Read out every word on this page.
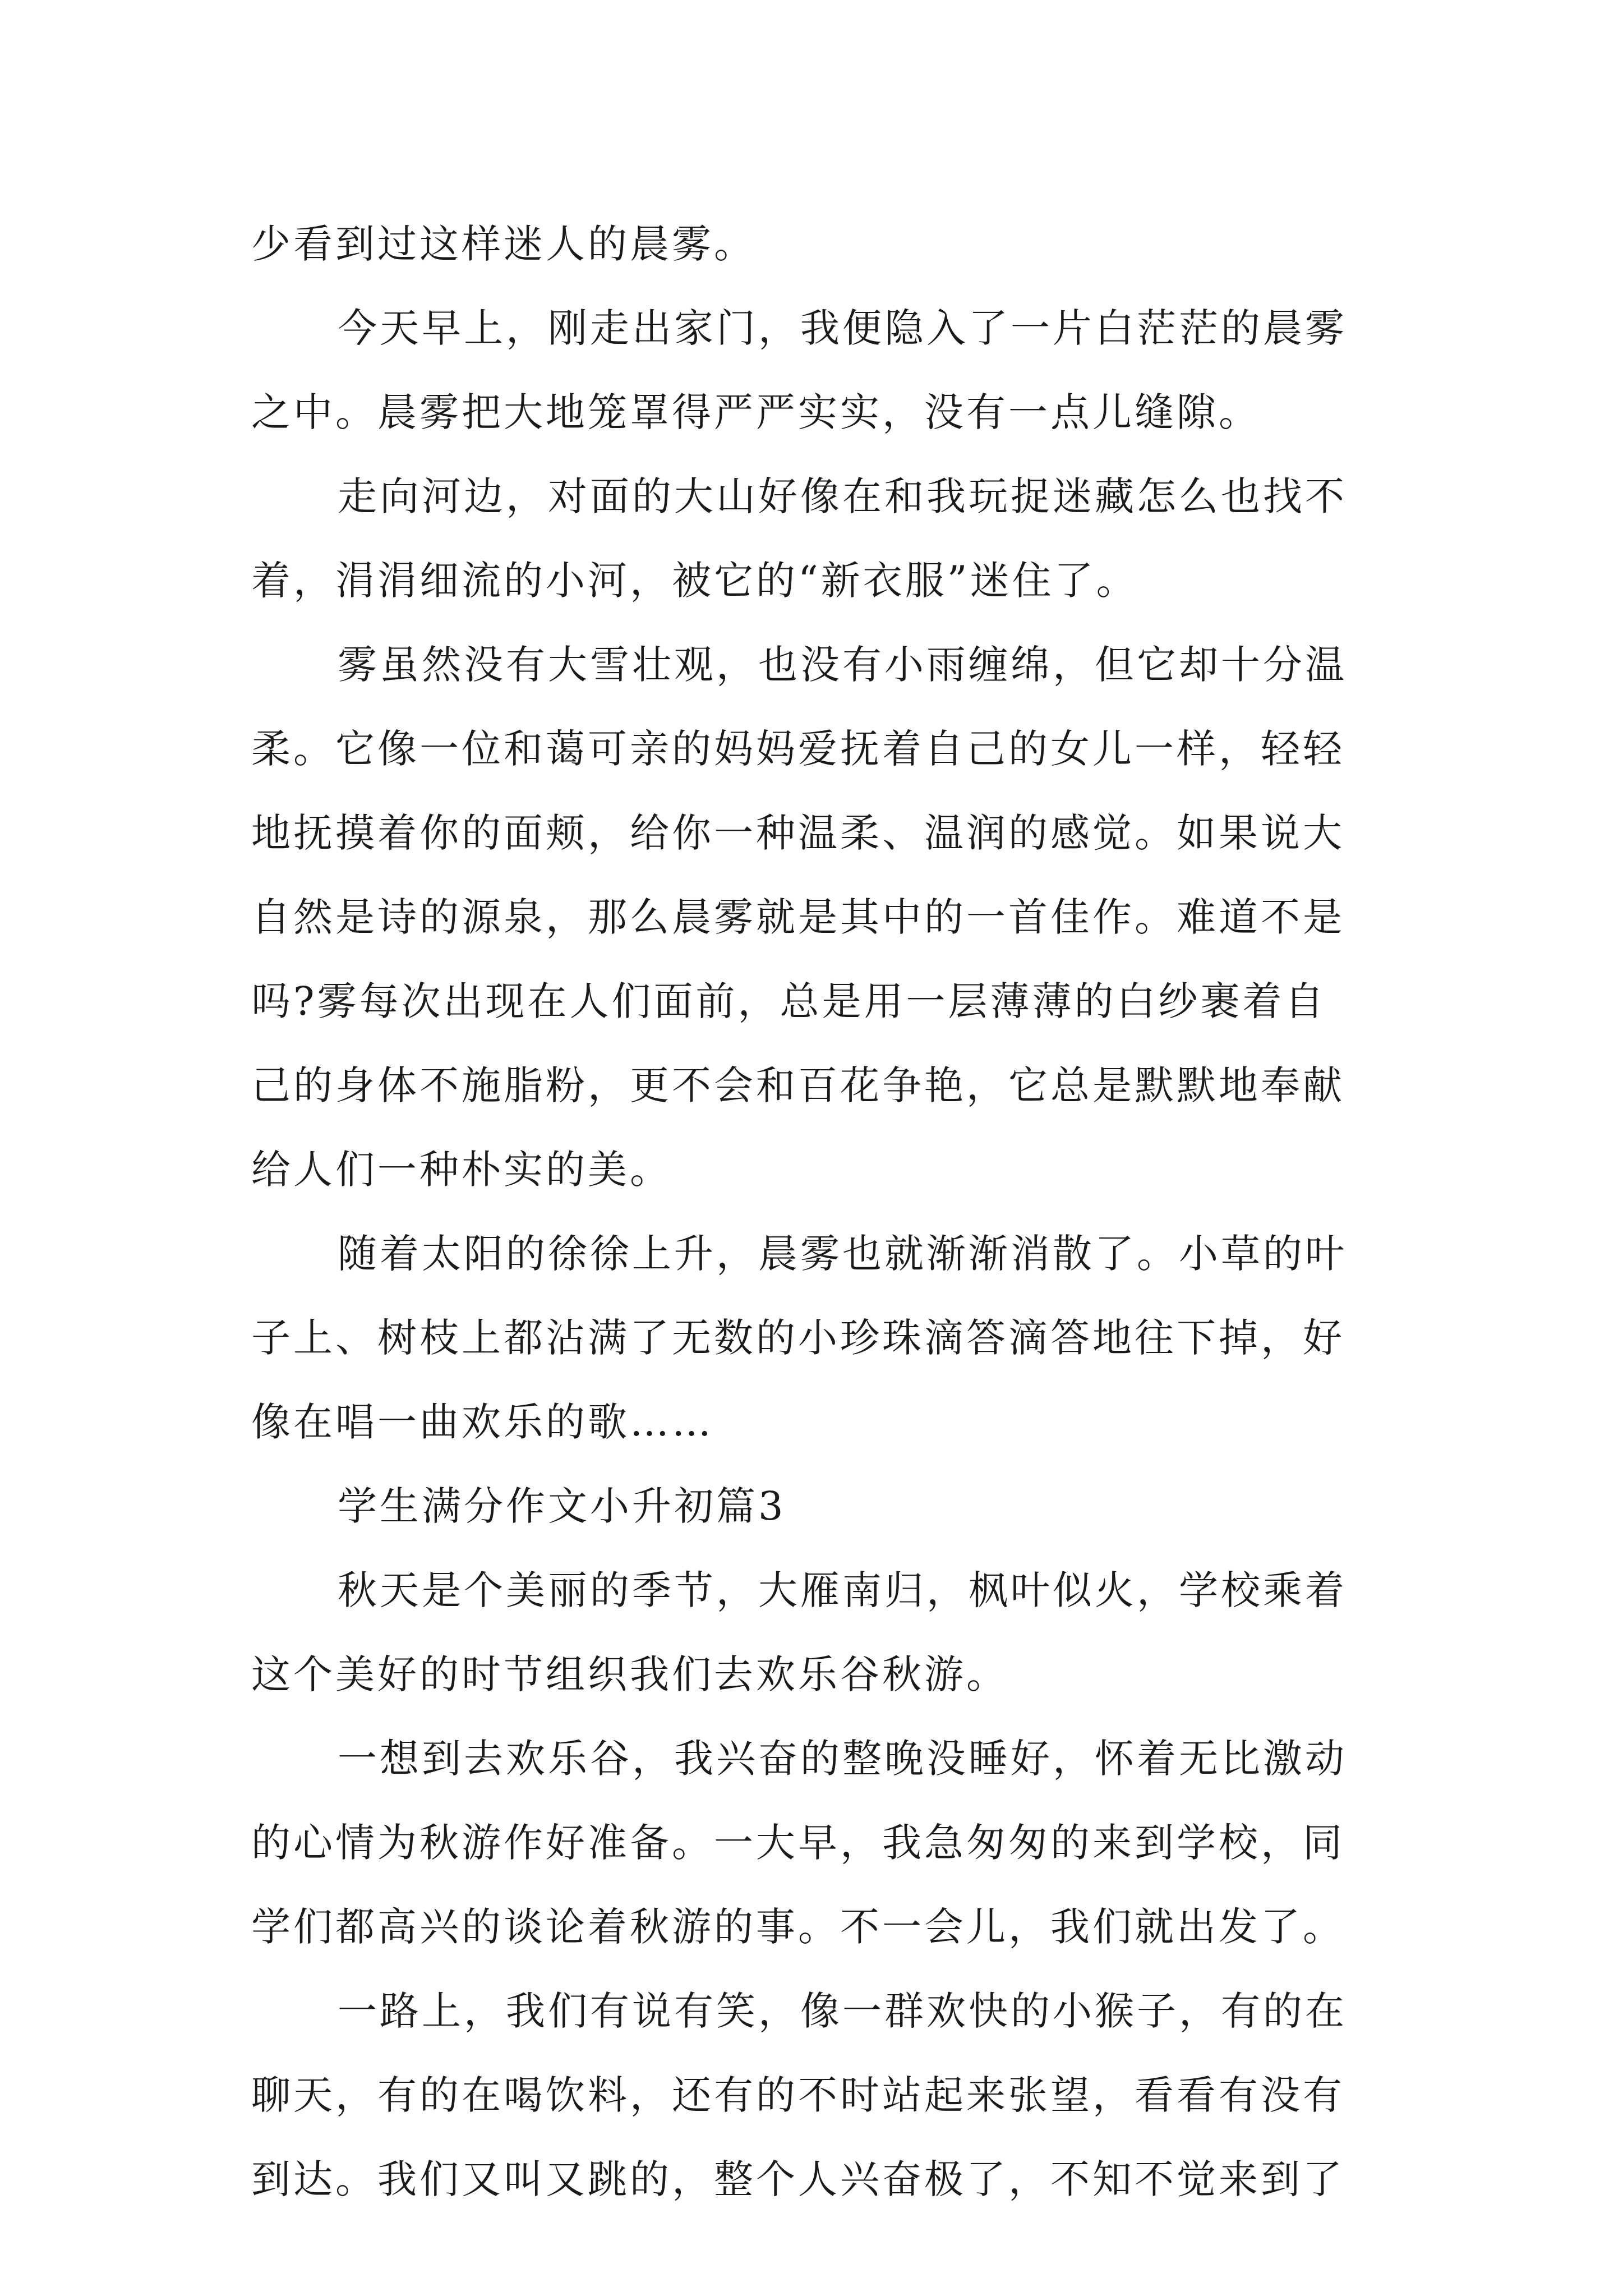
少看到过这样迷人的晨雾。
今天早上，刚走出家门，我便隐入了一片白茫茫的晨雾
之中。晨雾把大地笼罩得严严实实，没有一点儿缝隙。
走向河边，对面的大山好像在和我玩捉迷藏怎么也找不
着，涓涓细流的小河，被它的“新衣服”迷住了。
雾虽然没有大雪壮观，也没有小雨缠绵，但它却十分温
柔。它像一位和蔼可亲的妈妈爱抚着自己的女儿一样，轻轻
地抚摸着你的面颊，给你一种温柔、温润的感觉。如果说大
自然是诗的源泉，那么晨雾就是其中的一首佳作。难道不是
吗?雾每次出现在人们面前，总是用一层薄薄的白纱裹着自
己的身体不施脂粉，更不会和百花争艳，它总是默默地奉献
给人们一种朴实的美。
随着太阳的徐徐上升，晨雾也就渐渐消散了。小草的叶
子上、树枝上都沾满了无数的小珍珠滴答滴答地往下掉，好
像在唱一曲欢乐的歌……
学生满分作文小升初篇3
秋天是个美丽的季节，大雁南归，枫叶似火，学校乘着
这个美好的时节组织我们去欢乐谷秋游。
一想到去欢乐谷，我兴奋的整晚没睡好，怀着无比激动
的心情为秋游作好准备。一大早，我急匆匆的来到学校，同
学们都高兴的谈论着秋游的事。不一会儿，我们就出发了。
一路上，我们有说有笑，像一群欢快的小猴子，有的在
聊天，有的在喝饮料，还有的不时站起来张望，看看有没有
到达。我们又叫又跳的，整个人兴奋极了，不知不觉来到了
